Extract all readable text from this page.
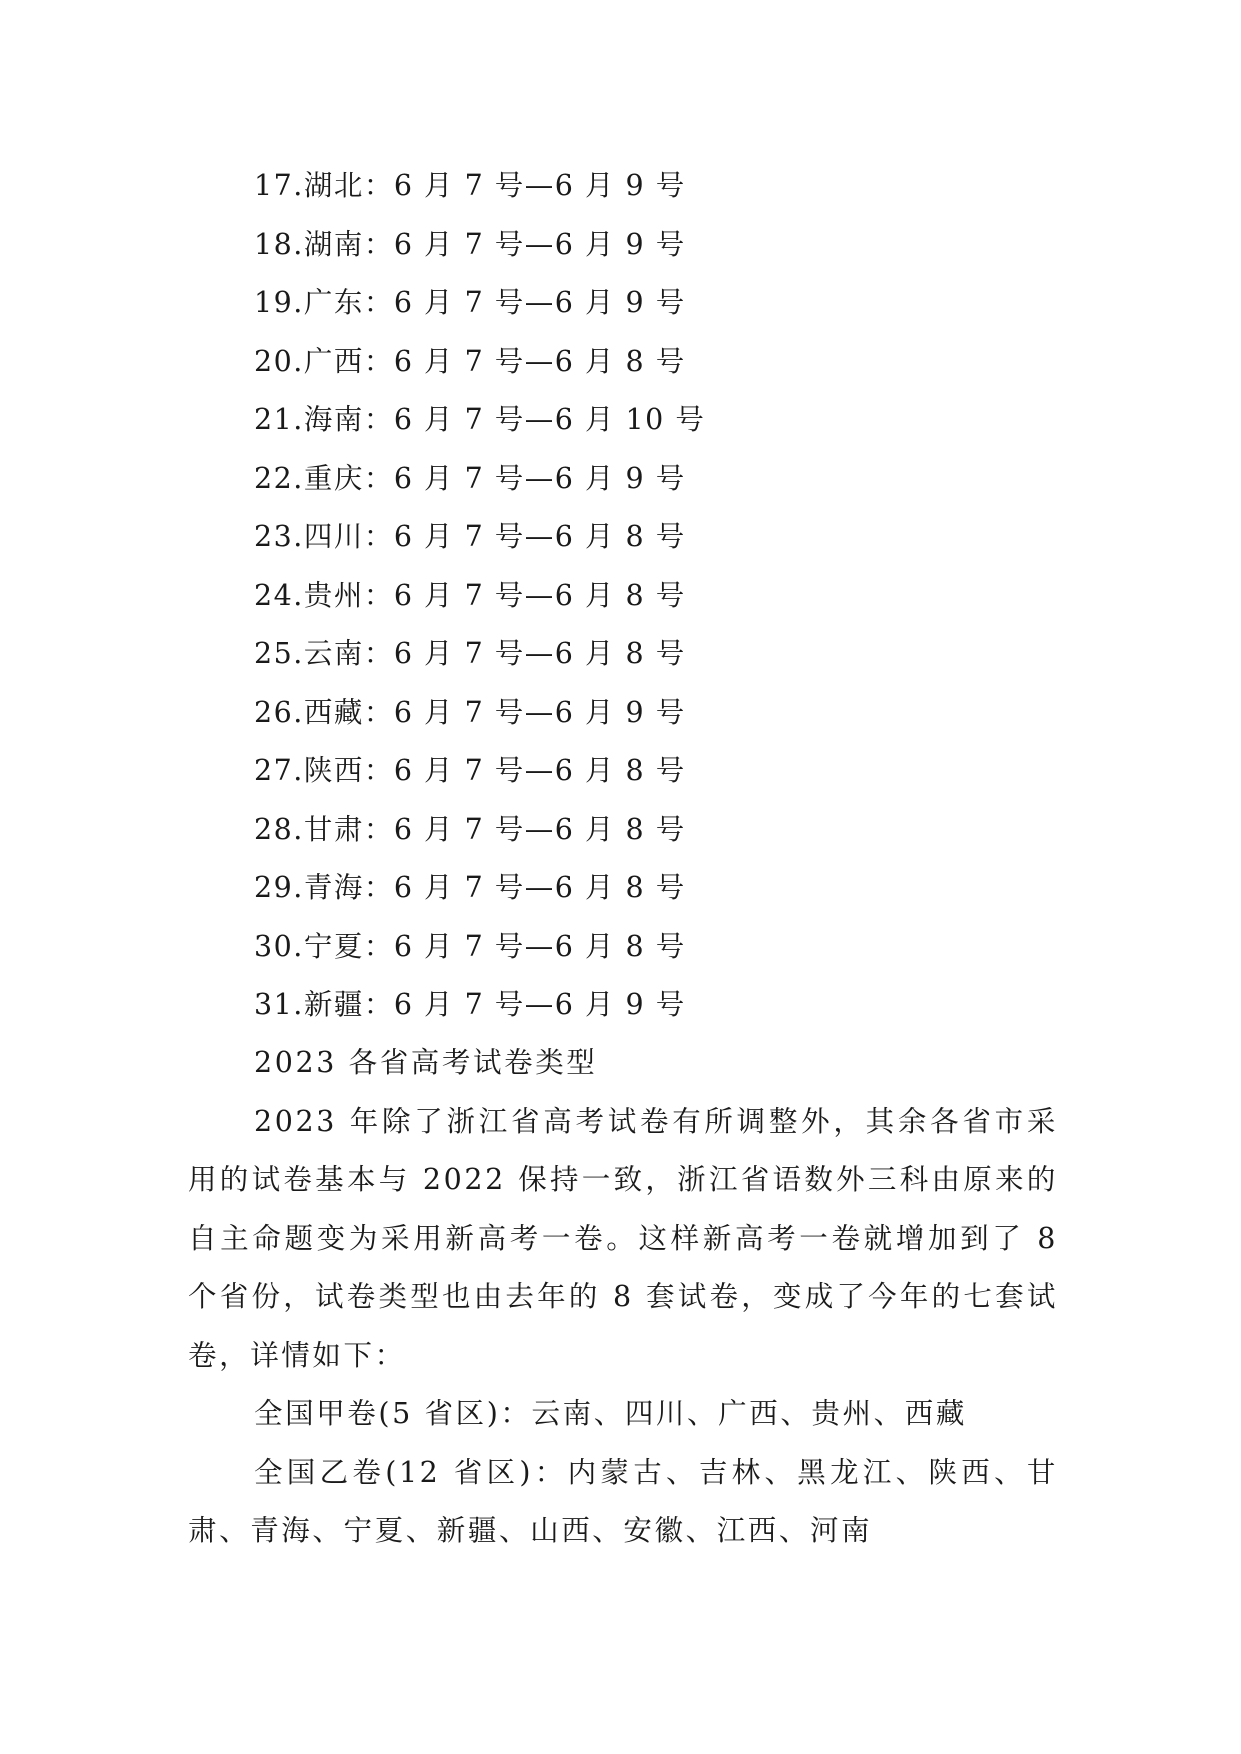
17.湖北：6 月 7 号—6 月 9 号
18.湖南：6 月 7 号—6 月 9 号
19.广东：6 月 7 号—6 月 9 号
20.广西：6 月 7 号—6 月 8 号
21.海南：6 月 7 号—6 月 10 号
22.重庆：6 月 7 号—6 月 9 号
23.四川：6 月 7 号—6 月 8 号
24.贵州：6 月 7 号—6 月 8 号
25.云南：6 月 7 号—6 月 8 号
26.西藏：6 月 7 号—6 月 9 号
27.陕西：6 月 7 号—6 月 8 号
28.甘肃：6 月 7 号—6 月 8 号
29.青海：6 月 7 号—6 月 8 号
30.宁夏：6 月 7 号—6 月 8 号
31.新疆：6 月 7 号—6 月 9 号

2023 各省高考试卷类型

2023 年除了浙江省高考试卷有所调整外，其余各省市采用的试卷基本与 2022 保持一致，浙江省语数外三科由原来的自主命题变为采用新高考一卷。这样新高考一卷就增加到了 8 个省份，试卷类型也由去年的 8 套试卷，变成了今年的七套试卷，详情如下：

全国甲卷(5 省区)：云南、四川、广西、贵州、西藏

全国乙卷(12 省区)：内蒙古、吉林、黑龙江、陕西、甘肃、青海、宁夏、新疆、山西、安徽、江西、河南
